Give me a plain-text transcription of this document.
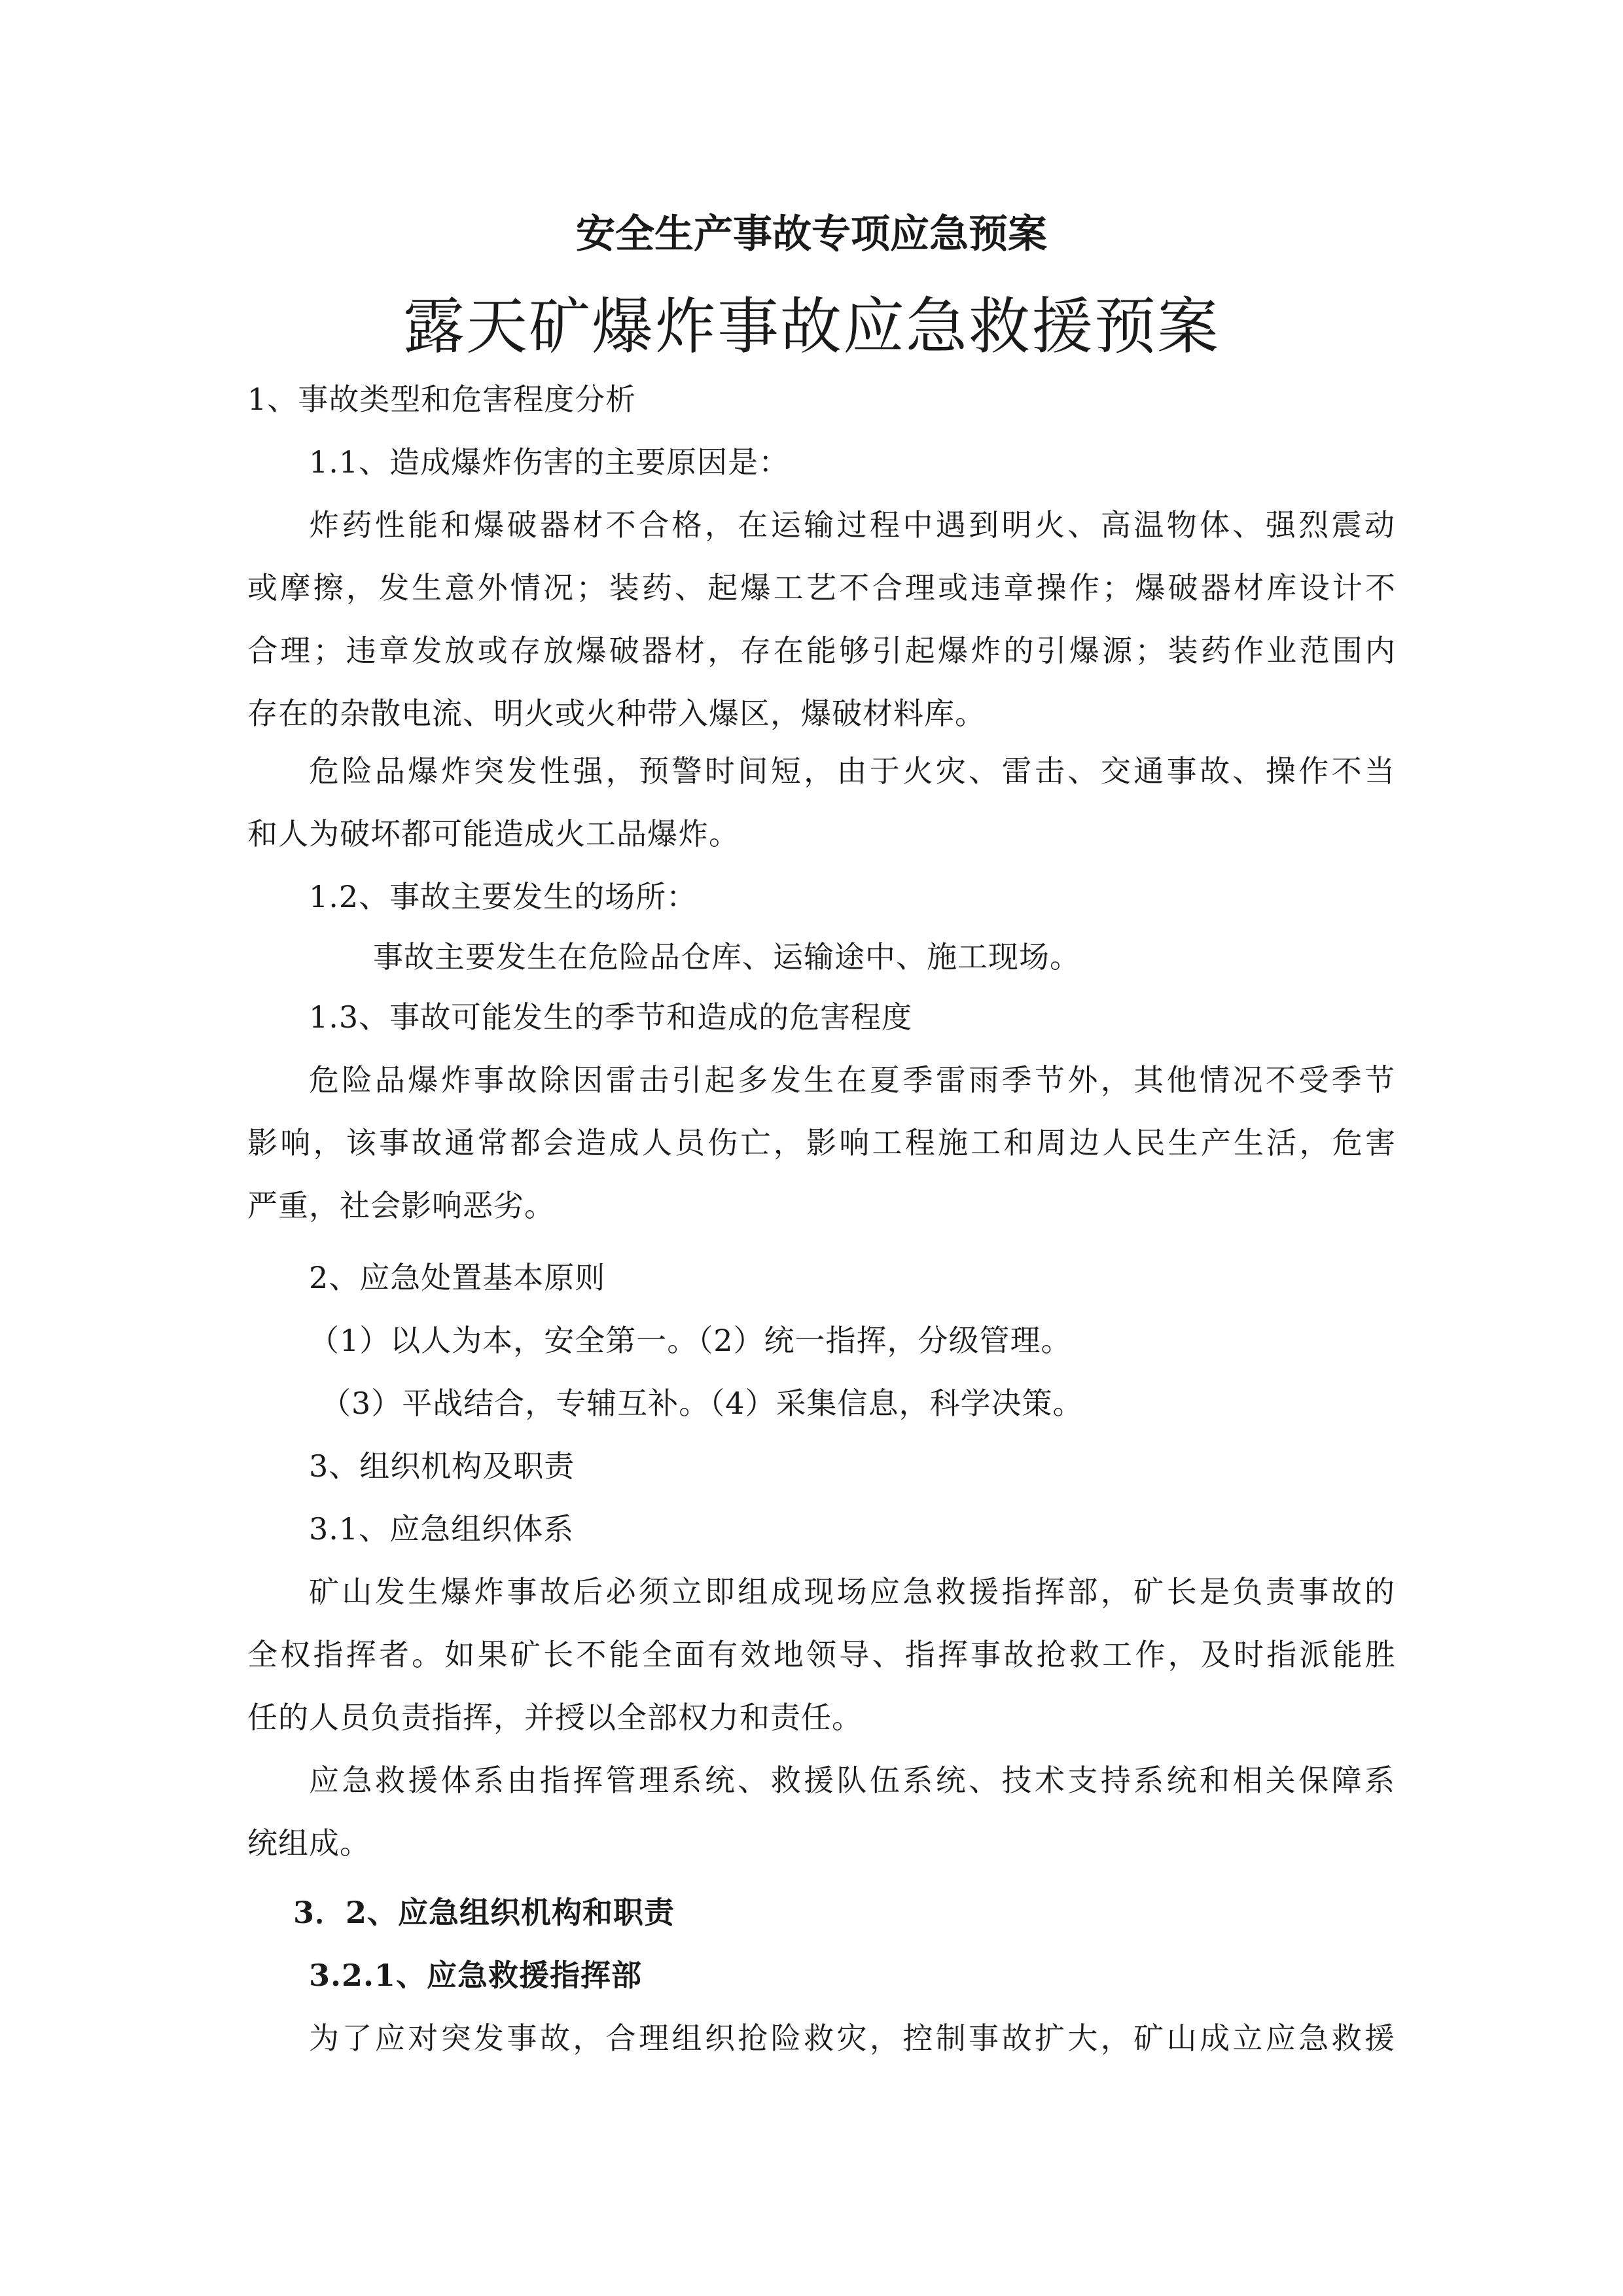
安全生产事故专项应急预案
露天矿爆炸事故应急救援预案
1、事故类型和危害程度分析
1.1、造成爆炸伤害的主要原因是：
炸药性能和爆破器材不合格，在运输过程中遇到明火、高温物体、强烈震动
或摩擦，发生意外情况；装药、起爆工艺不合理或违章操作；爆破器材库设计不
合理；违章发放或存放爆破器材，存在能够引起爆炸的引爆源；装药作业范围内
存在的杂散电流、明火或火种带入爆区，爆破材料库。
危险品爆炸突发性强，预警时间短，由于火灾、雷击、交通事故、操作不当
和人为破坏都可能造成火工品爆炸。
1.2、事故主要发生的场所：
事故主要发生在危险品仓库、运输途中、施工现场。
1.3、事故可能发生的季节和造成的危害程度
危险品爆炸事故除因雷击引起多发生在夏季雷雨季节外，其他情况不受季节
影响，该事故通常都会造成人员伤亡，影响工程施工和周边人民生产生活，危害
严重，社会影响恶劣。
2、应急处置基本原则
（1）以人为本，安全第一。（2）统一指挥，分级管理。
（3）平战结合，专辅互补。（4）采集信息，科学决策。
3、组织机构及职责
3.1、应急组织体系
矿山发生爆炸事故后必须立即组成现场应急救援指挥部，矿长是负责事故的
全权指挥者。如果矿长不能全面有效地领导、指挥事故抢救工作，及时指派能胜
任的人员负责指挥，并授以全部权力和责任。
应急救援体系由指挥管理系统、救援队伍系统、技术支持系统和相关保障系
统组成。
3．2、应急组织机构和职责
3.2.1、应急救援指挥部
为了应对突发事故，合理组织抢险救灾，控制事故扩大，矿山成立应急救援
